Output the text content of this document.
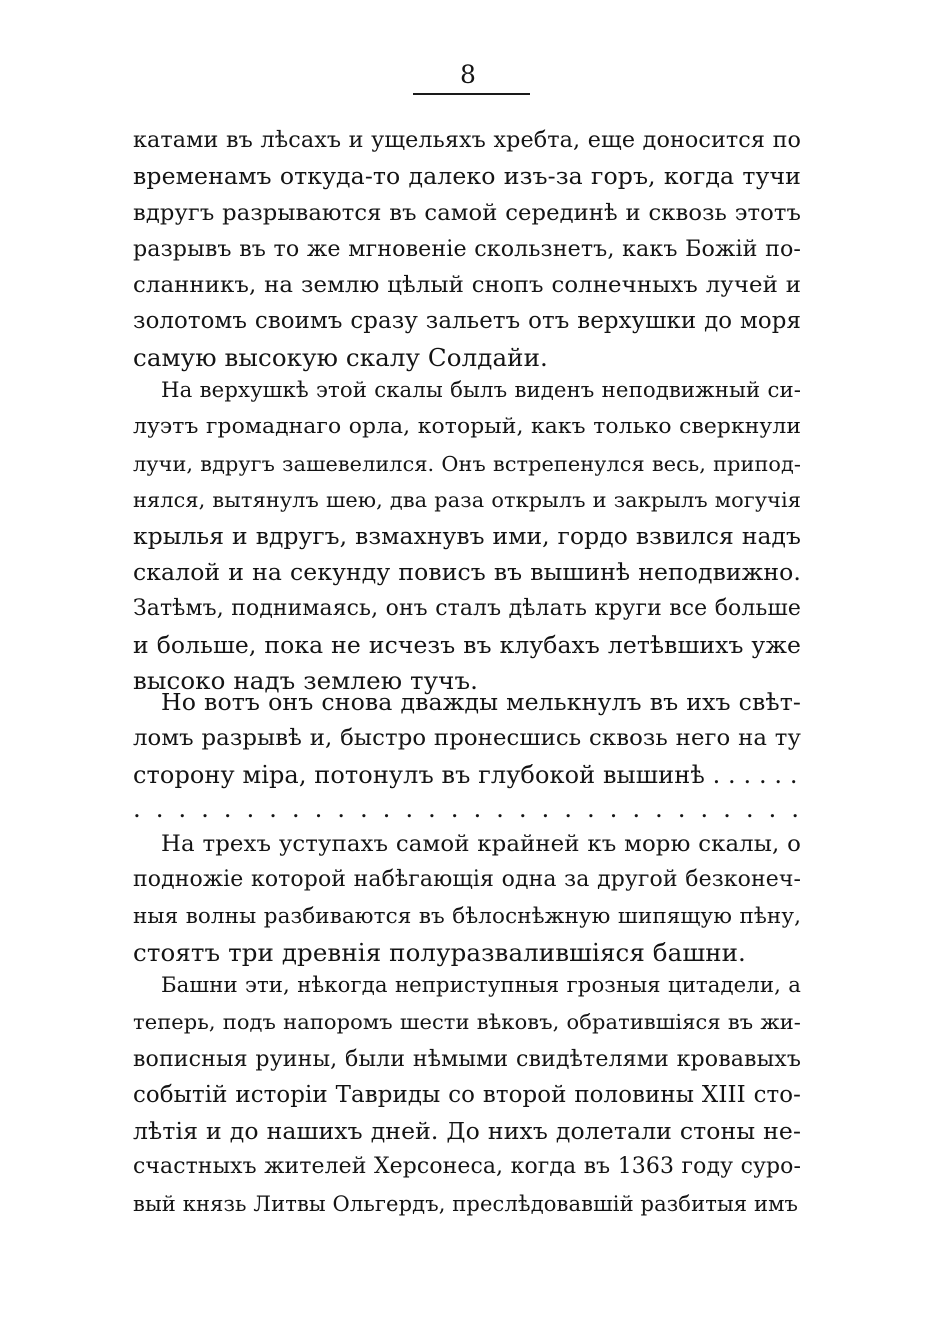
8
катами въ лѣсахъ и ущельяхъ хребта, еще доносится по
временамъ откуда-то далеко изъ-за горъ, когда тучи
вдругъ разрываются въ самой серединѣ и сквозь этотъ
разрывъ въ то же мгновеніе скользнетъ, какъ Божій по-
сланникъ, на землю цѣлый снопъ солнечныхъ лучей и
золотомъ своимъ сразу зальетъ отъ верхушки до моря
самую высокую скалу Солдайи.
На верхушкѣ этой скалы былъ виденъ неподвижный си-
луэтъ громаднаго орла, который, какъ только сверкнули
лучи, вдругъ зашевелился. Онъ встрепенулся весь, припод-
нялся, вытянулъ шею, два раза открылъ и закрылъ могучія
крылья и вдругъ, взмахнувъ ими, гордо взвился надъ
скалой и на секунду повисъ въ вышинѣ неподвижно.
Затѣмъ, поднимаясь, онъ сталъ дѣлать круги все больше
и больше, пока не исчезъ въ клубахъ летѣвшихъ уже
высоко надъ землею тучъ.
Но вотъ онъ снова дважды мелькнулъ въ ихъ свѣт-
ломъ разрывѣ и, быстро пронесшись сквозь него на ту
сторону міра, потонулъ въ глубокой вышинѣ . . . . . .
. . . . . . . . . . . . . . . . . . . . . . . . . . . . . .
На трехъ уступахъ самой крайней къ морю скалы, о
подножіе которой набѣгающія одна за другой безконеч-
ныя волны разбиваются въ бѣлоснѣжную шипящую пѣну,
стоятъ три древнія полуразвалившіяся башни.
Башни эти, нѣкогда неприступныя грозныя цитадели, а
теперь, подъ напоромъ шести вѣковъ, обратившіяся въ жи-
вописныя руины, были нѣмыми свидѣтелями кровавыхъ
событій исторіи Тавриды со второй половины XIII сто-
лѣтія и до нашихъ дней. До нихъ долетали стоны не-
счастныхъ жителей Херсонеса, когда въ 1363 году суро-
вый князь Литвы Ольгердъ, преслѣдовавшій разбитыя имъ
